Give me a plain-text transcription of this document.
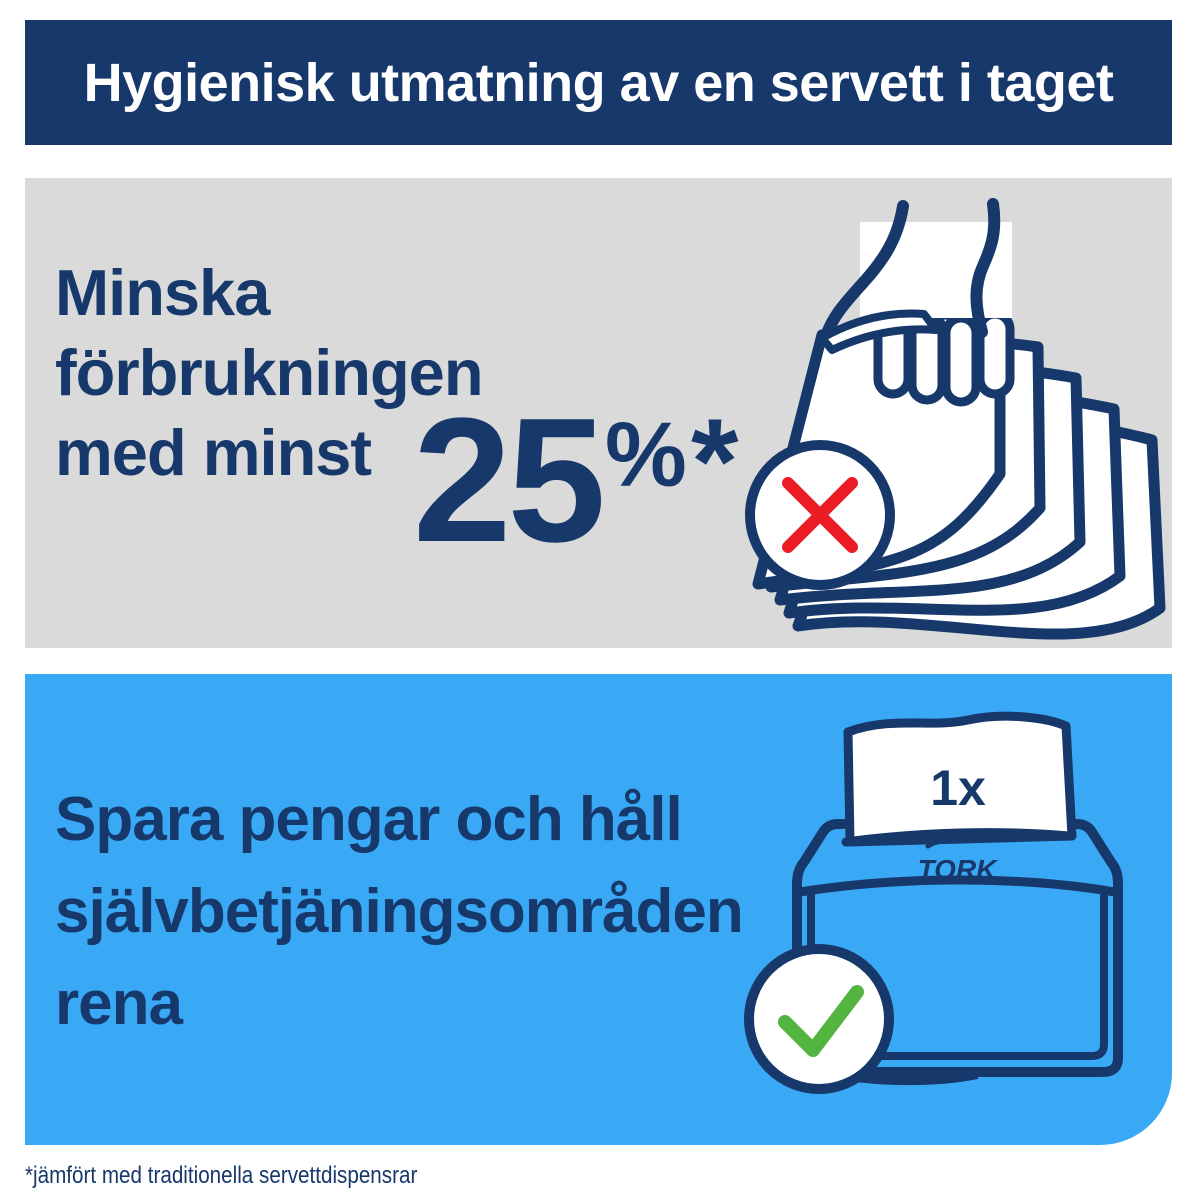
Hygienisk utmatning av en servett i taget
Minska
förbrukningen
med minst 25 % *
Spara pengar och håll
självbetjäningsområden
rena
1x
TORK
*jämfört med traditionella servettdispensrar
